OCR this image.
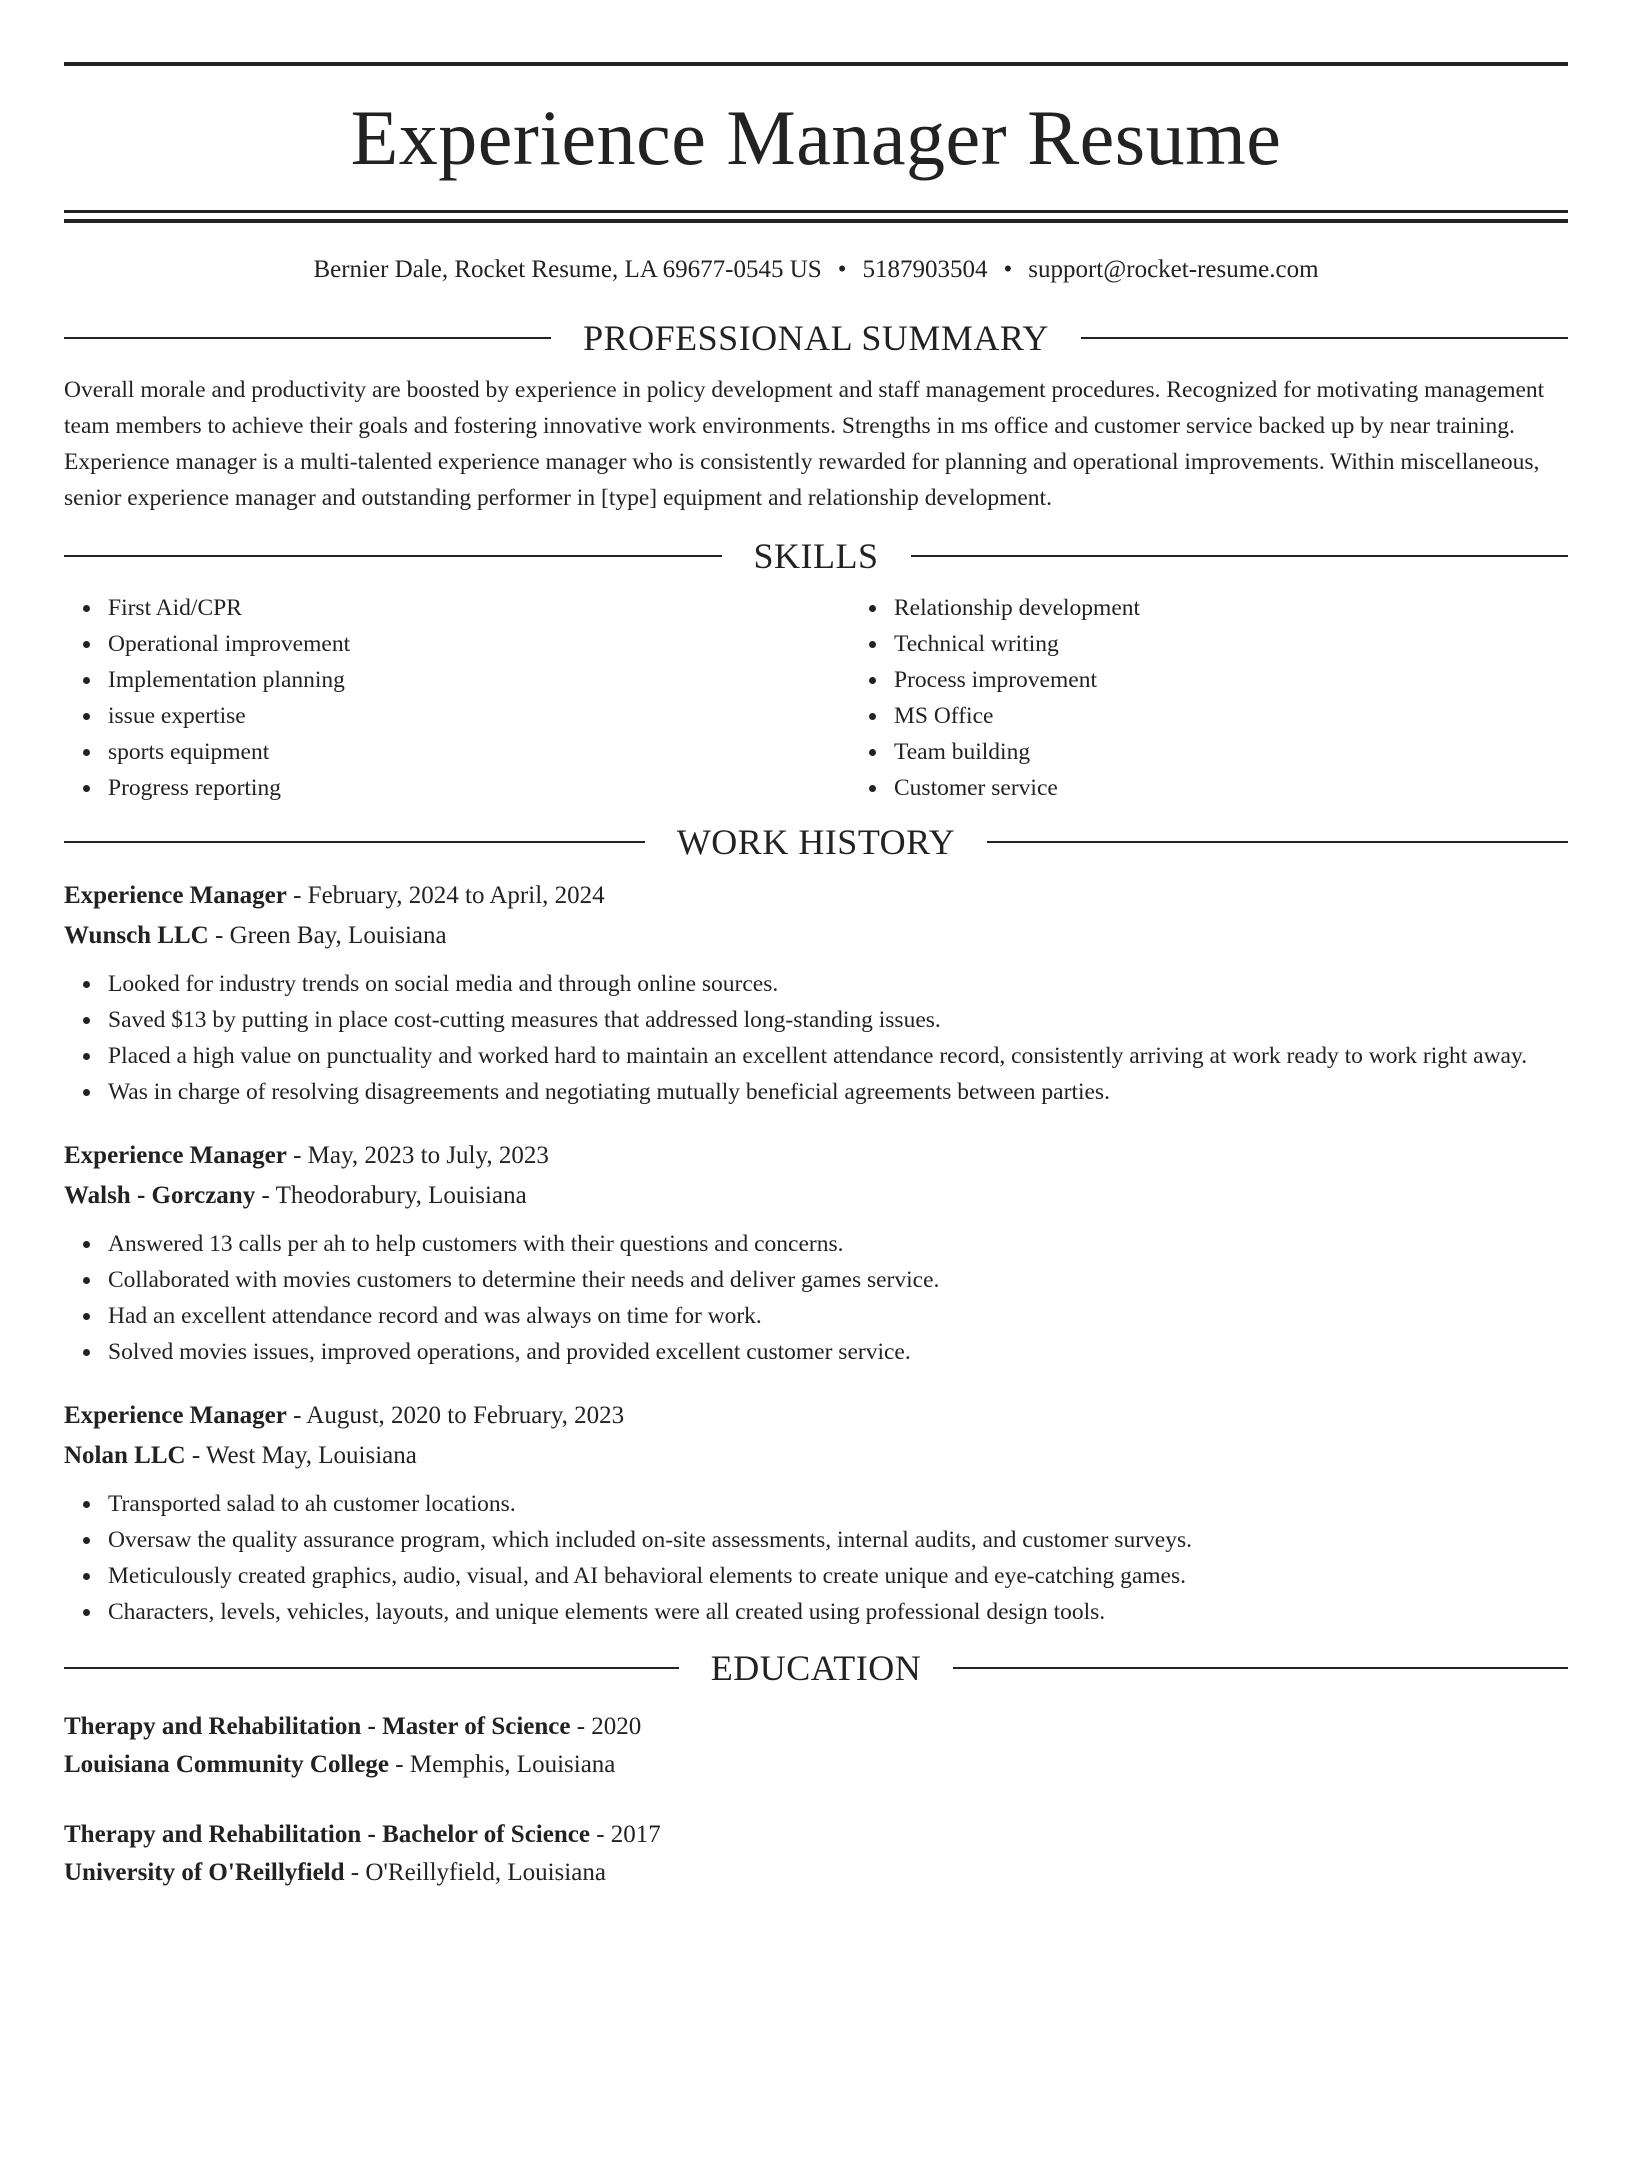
Experience Manager Resume
Bernier Dale, Rocket Resume, LA 69677-0545 US • 5187903504 • support@rocket-resume.com
PROFESSIONAL SUMMARY

Overall morale and productivity are boosted by experience in policy development and staff management procedures. Recognized for motivating management team members to achieve their goals and fostering innovative work environments. Strengths in ms office and customer service backed up by near training. Experience manager is a multi-talented experience manager who is consistently rewarded for planning and operational improvements. Within miscellaneous, senior experience manager and outstanding performer in [type] equipment and relationship development.

SKILLS
First Aid/CPR
Operational improvement
Implementation planning
issue expertise
sports equipment
Progress reporting
Relationship development
Technical writing
Process improvement
MS Office
Team building
Customer service
WORK HISTORY
Experience Manager - February, 2024 to April, 2024
Wunsch LLC - Green Bay, Louisiana
Looked for industry trends on social media and through online sources.
Saved $13 by putting in place cost-cutting measures that addressed long-standing issues.
Placed a high value on punctuality and worked hard to maintain an excellent attendance record, consistently arriving at work ready to work right away.
Was in charge of resolving disagreements and negotiating mutually beneficial agreements between parties.
Experience Manager - May, 2023 to July, 2023
Walsh - Gorczany - Theodorabury, Louisiana
Answered 13 calls per ah to help customers with their questions and concerns.
Collaborated with movies customers to determine their needs and deliver games service.
Had an excellent attendance record and was always on time for work.
Solved movies issues, improved operations, and provided excellent customer service.
Experience Manager - August, 2020 to February, 2023
Nolan LLC - West May, Louisiana
Transported salad to ah customer locations.
Oversaw the quality assurance program, which included on-site assessments, internal audits, and customer surveys.
Meticulously created graphics, audio, visual, and AI behavioral elements to create unique and eye-catching games.
Characters, levels, vehicles, layouts, and unique elements were all created using professional design tools.
EDUCATION
Therapy and Rehabilitation - Master of Science - 2020
Louisiana Community College - Memphis, Louisiana
Therapy and Rehabilitation - Bachelor of Science - 2017
University of O'Reillyfield - O'Reillyfield, Louisiana
